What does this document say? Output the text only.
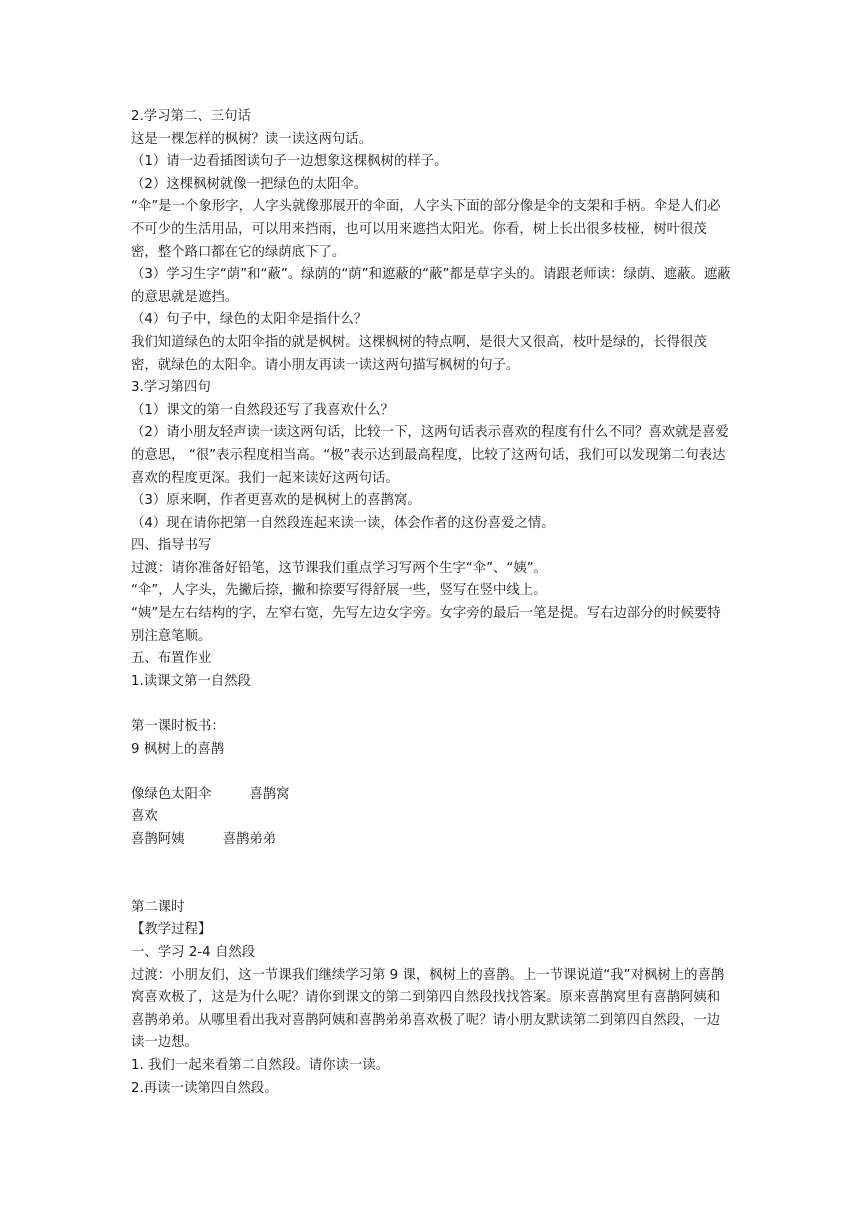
2.学习第二、三句话

这是一棵怎样的枫树？读一读这两句话。

（1）请一边看插图读句子一边想象这棵枫树的样子。

（2）这棵枫树就像一把绿色的太阳伞。

“伞”是一个象形字，人字头就像那展开的伞面，人字头下面的部分像是伞的支架和手柄。伞是人们必不可少的生活用品，可以用来挡雨，也可以用来遮挡太阳光。你看，树上长出很多枝桠，树叶很茂密，整个路口都在它的绿荫底下了。

（3）学习生字“荫”和“蔽”。绿荫的“荫”和遮蔽的“蔽”都是草字头的。请跟老师读：绿荫、遮蔽。遮蔽的意思就是遮挡。

（4）句子中，绿色的太阳伞是指什么？

我们知道绿色的太阳伞指的就是枫树。这棵枫树的特点啊，是很大又很高，枝叶是绿的，长得很茂密，就绿色的太阳伞。请小朋友再读一读这两句描写枫树的句子。

3.学习第四句

（1）课文的第一自然段还写了我喜欢什么？

（2）请小朋友轻声读一读这两句话，比较一下，这两句话表示喜欢的程度有什么不同？喜欢就是喜爱的意思， “很”表示程度相当高。“极”表示达到最高程度，比较了这两句话，我们可以发现第二句表达喜欢的程度更深。我们一起来读好这两句话。

（3）原来啊，作者更喜欢的是枫树上的喜鹊窝。

（4）现在请你把第一自然段连起来读一读，体会作者的这份喜爱之情。

四、指导书写

过渡：请你准备好铅笔，这节课我们重点学习写两个生字“伞”、“姨”。

“伞”，人字头，先撇后捺，撇和捺要写得舒展一些，竖写在竖中线上。

“姨”是左右结构的字，左窄右宽，先写左边女字旁。女字旁的最后一笔是提。写右边部分的时候要特别注意笔顺。

五、布置作业

1.读课文第一自然段

第一课时板书：

9 枫树上的喜鹊

像绿色太阳伞	喜鹊窝

喜欢

喜鹊阿姨	喜鹊弟弟

第二课时

【教学过程】

一、学习 2-4 自然段

过渡：小朋友们，这一节课我们继续学习第 9 课，枫树上的喜鹊。上一节课说道“我”对枫树上的喜鹊窝喜欢极了，这是为什么呢？请你到课文的第二到第四自然段找找答案。原来喜鹊窝里有喜鹊阿姨和喜鹊弟弟。从哪里看出我对喜鹊阿姨和喜鹊弟弟喜欢极了呢？请小朋友默读第二到第四自然段，一边读一边想。

1. 我们一起来看第二自然段。请你读一读。

2.再读一读第四自然段。
